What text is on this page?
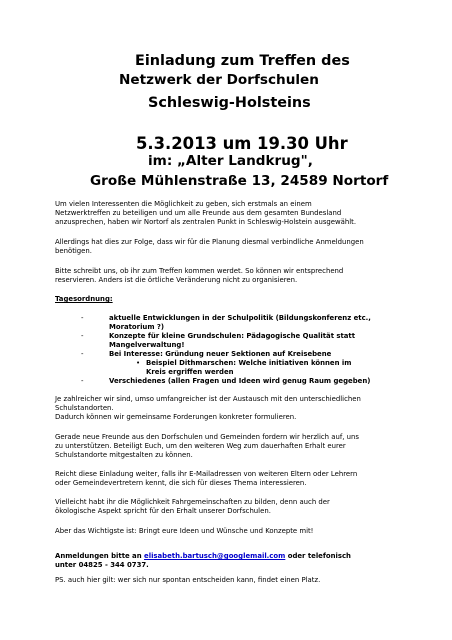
Einladung zum Treffen des
Netzwerk der Dorfschulen
Schleswig-Holsteins
5.3.2013 um 19.30 Uhr
im: „Alter Landkrug",
Große Mühlenstraße 13, 24589 Nortorf
Um vielen Interessenten die Möglichkeit zu geben, sich erstmals an einem
Netzwerktreffen zu beteiligen und um alle Freunde aus dem gesamten Bundesland
anzusprechen, haben wir Nortorf als zentralen Punkt in Schleswig-Holstein ausgewählt.
Allerdings hat dies zur Folge, dass wir für die Planung diesmal verbindliche Anmeldungen
benötigen.
Bitte schreibt uns, ob ihr zum Treffen kommen werdet. So können wir entsprechend
reservieren. Anders ist die örtliche Veränderung nicht zu organisieren.
Tagesordnung:
-	aktuelle Entwicklungen in der Schulpolitik (Bildungskonferenz etc.,
Moratorium ?)
-	Konzepte für kleine Grundschulen: Pädagogische Qualität statt
Mangelverwaltung!
-	Bei Interesse: Gründung neuer Sektionen auf Kreisebene
• Beispiel Dithmarschen: Welche initiativen können im
Kreis ergriffen werden
-	Verschiedenes (allen Fragen und Ideen wird genug Raum gegeben)
Je zahlreicher wir sind, umso umfangreicher ist der Austausch mit den unterschiedlichen
Schulstandorten.
Dadurch können wir gemeinsame Forderungen konkreter formulieren.
Gerade neue Freunde aus den Dorfschulen und Gemeinden fordern wir herzlich auf, uns
zu unterstützen. Beteiligt Euch, um den weiteren Weg zum dauerhaften Erhalt eurer
Schulstandorte mitgestalten zu können.
Reicht diese Einladung weiter, falls ihr E-Mailadressen von weiteren Eltern oder Lehrern
oder Gemeindevertretern kennt, die sich für dieses Thema interessieren.
Vielleicht habt ihr die Möglichkeit Fahrgemeinschaften zu bilden, denn auch der
ökologische Aspekt spricht für den Erhalt unserer Dorfschulen.
Aber das Wichtigste ist: Bringt eure Ideen und Wünsche und Konzepte mit!
Anmeldungen bitte an elisabeth.bartusch@googlemail.com oder telefonisch
unter 04825 - 344 0737.
PS. auch hier gilt: wer sich nur spontan entscheiden kann, findet einen Platz.
